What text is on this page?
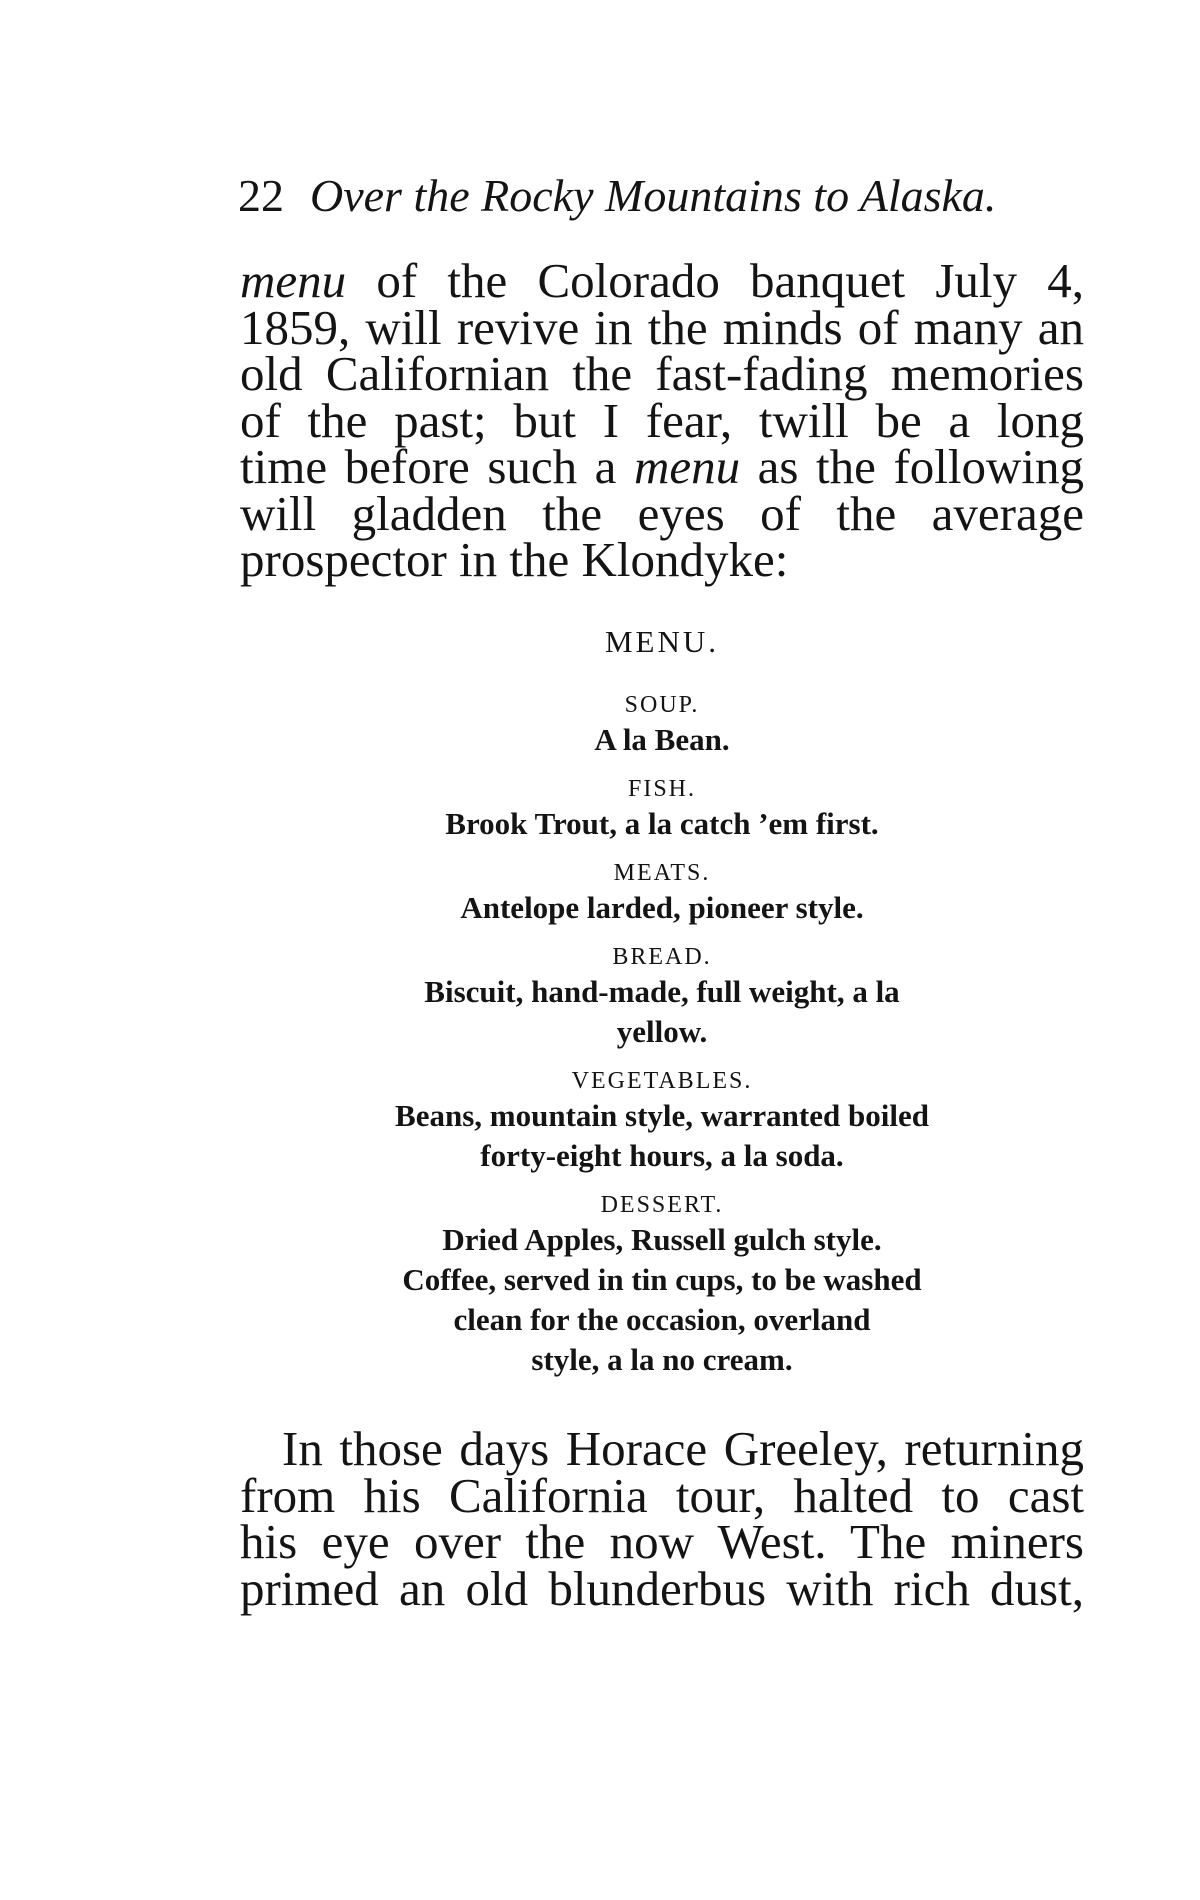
22 Over the Rocky Mountains to Alaska.
menu of the Colorado banquet July 4,
1859, will revive in the minds of many an
old Californian the fast-fading memories
of the past; but I fear, twill be a long
time before such a menu as the following
will gladden the eyes of the average
prospector in the Klondyke:
MENU.
SOUP.
A la Bean.
FISH.
Brook Trout, a la catch ’em first.
MEATS.
Antelope larded, pioneer style.
BREAD.
Biscuit, hand-made, full weight, a la
yellow.
VEGETABLES.
Beans, mountain style, warranted boiled
forty-eight hours, a la soda.
DESSERT.
Dried Apples, Russell gulch style.
Coffee, served in tin cups, to be washed
clean for the occasion, overland
style, a la no cream.
In those days Horace Greeley, returning
from his California tour, halted to cast
his eye over the now West. The miners
primed an old blunderbus with rich dust,
